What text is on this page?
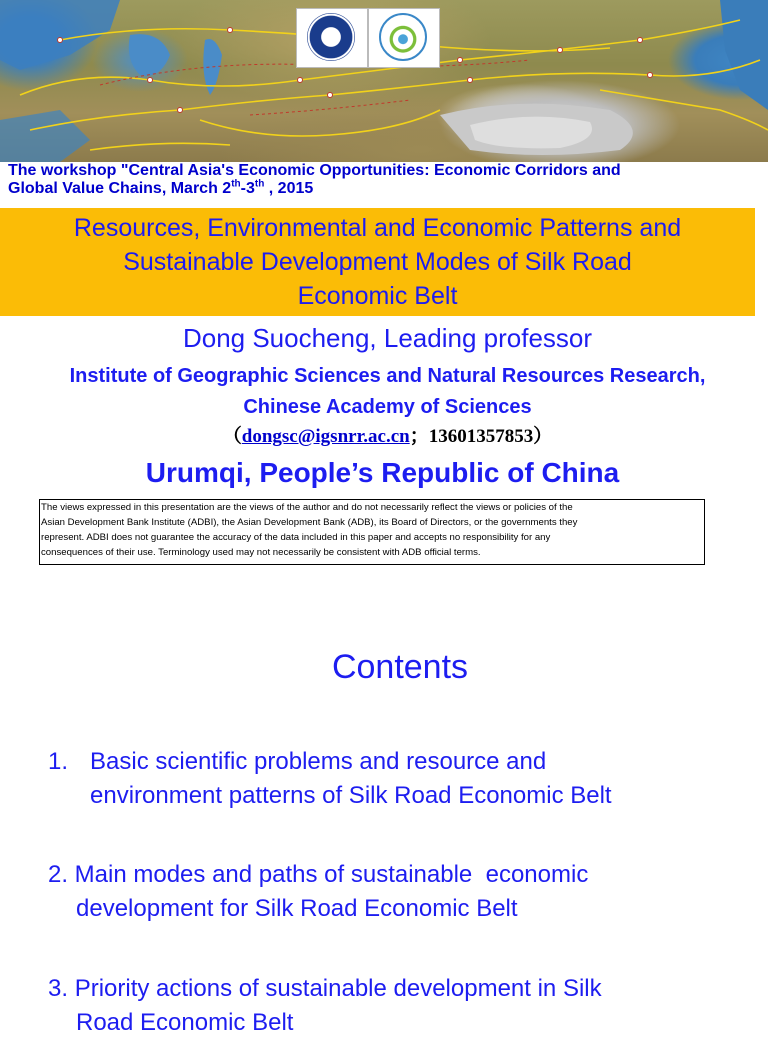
The workshop "Central Asia's Economic Opportunities: Economic Corridors and
Global Value Chains, March 2th-3th , 2015
Resources, Environmental and Economic Patterns and
Sustainable Development Modes of Silk Road
Economic Belt
Dong Suocheng, Leading professor
Institute of Geographic Sciences and Natural Resources Research,
Chinese Academy of Sciences
（dongsc@igsnrr.ac.cn；13601357853）
Urumqi, People’s Republic of China
The views expressed in this presentation are the views of the author and do not necessarily reflect the views or policies of the
Asian Development Bank Institute (ADBI), the Asian Development Bank (ADB), its Board of Directors, or the governments they
represent. ADBI does not guarantee the accuracy of the data included in this paper and accepts no responsibility for any
consequences of their use. Terminology used may not necessarily be consistent with ADB official terms.
Contents
1. Basic scientific problems and resource and
environment patterns of Silk Road Economic Belt
2. Main modes and paths of sustainable  economic
development for Silk Road Economic Belt
3. Priority actions of sustainable development in Silk
Road Economic Belt
